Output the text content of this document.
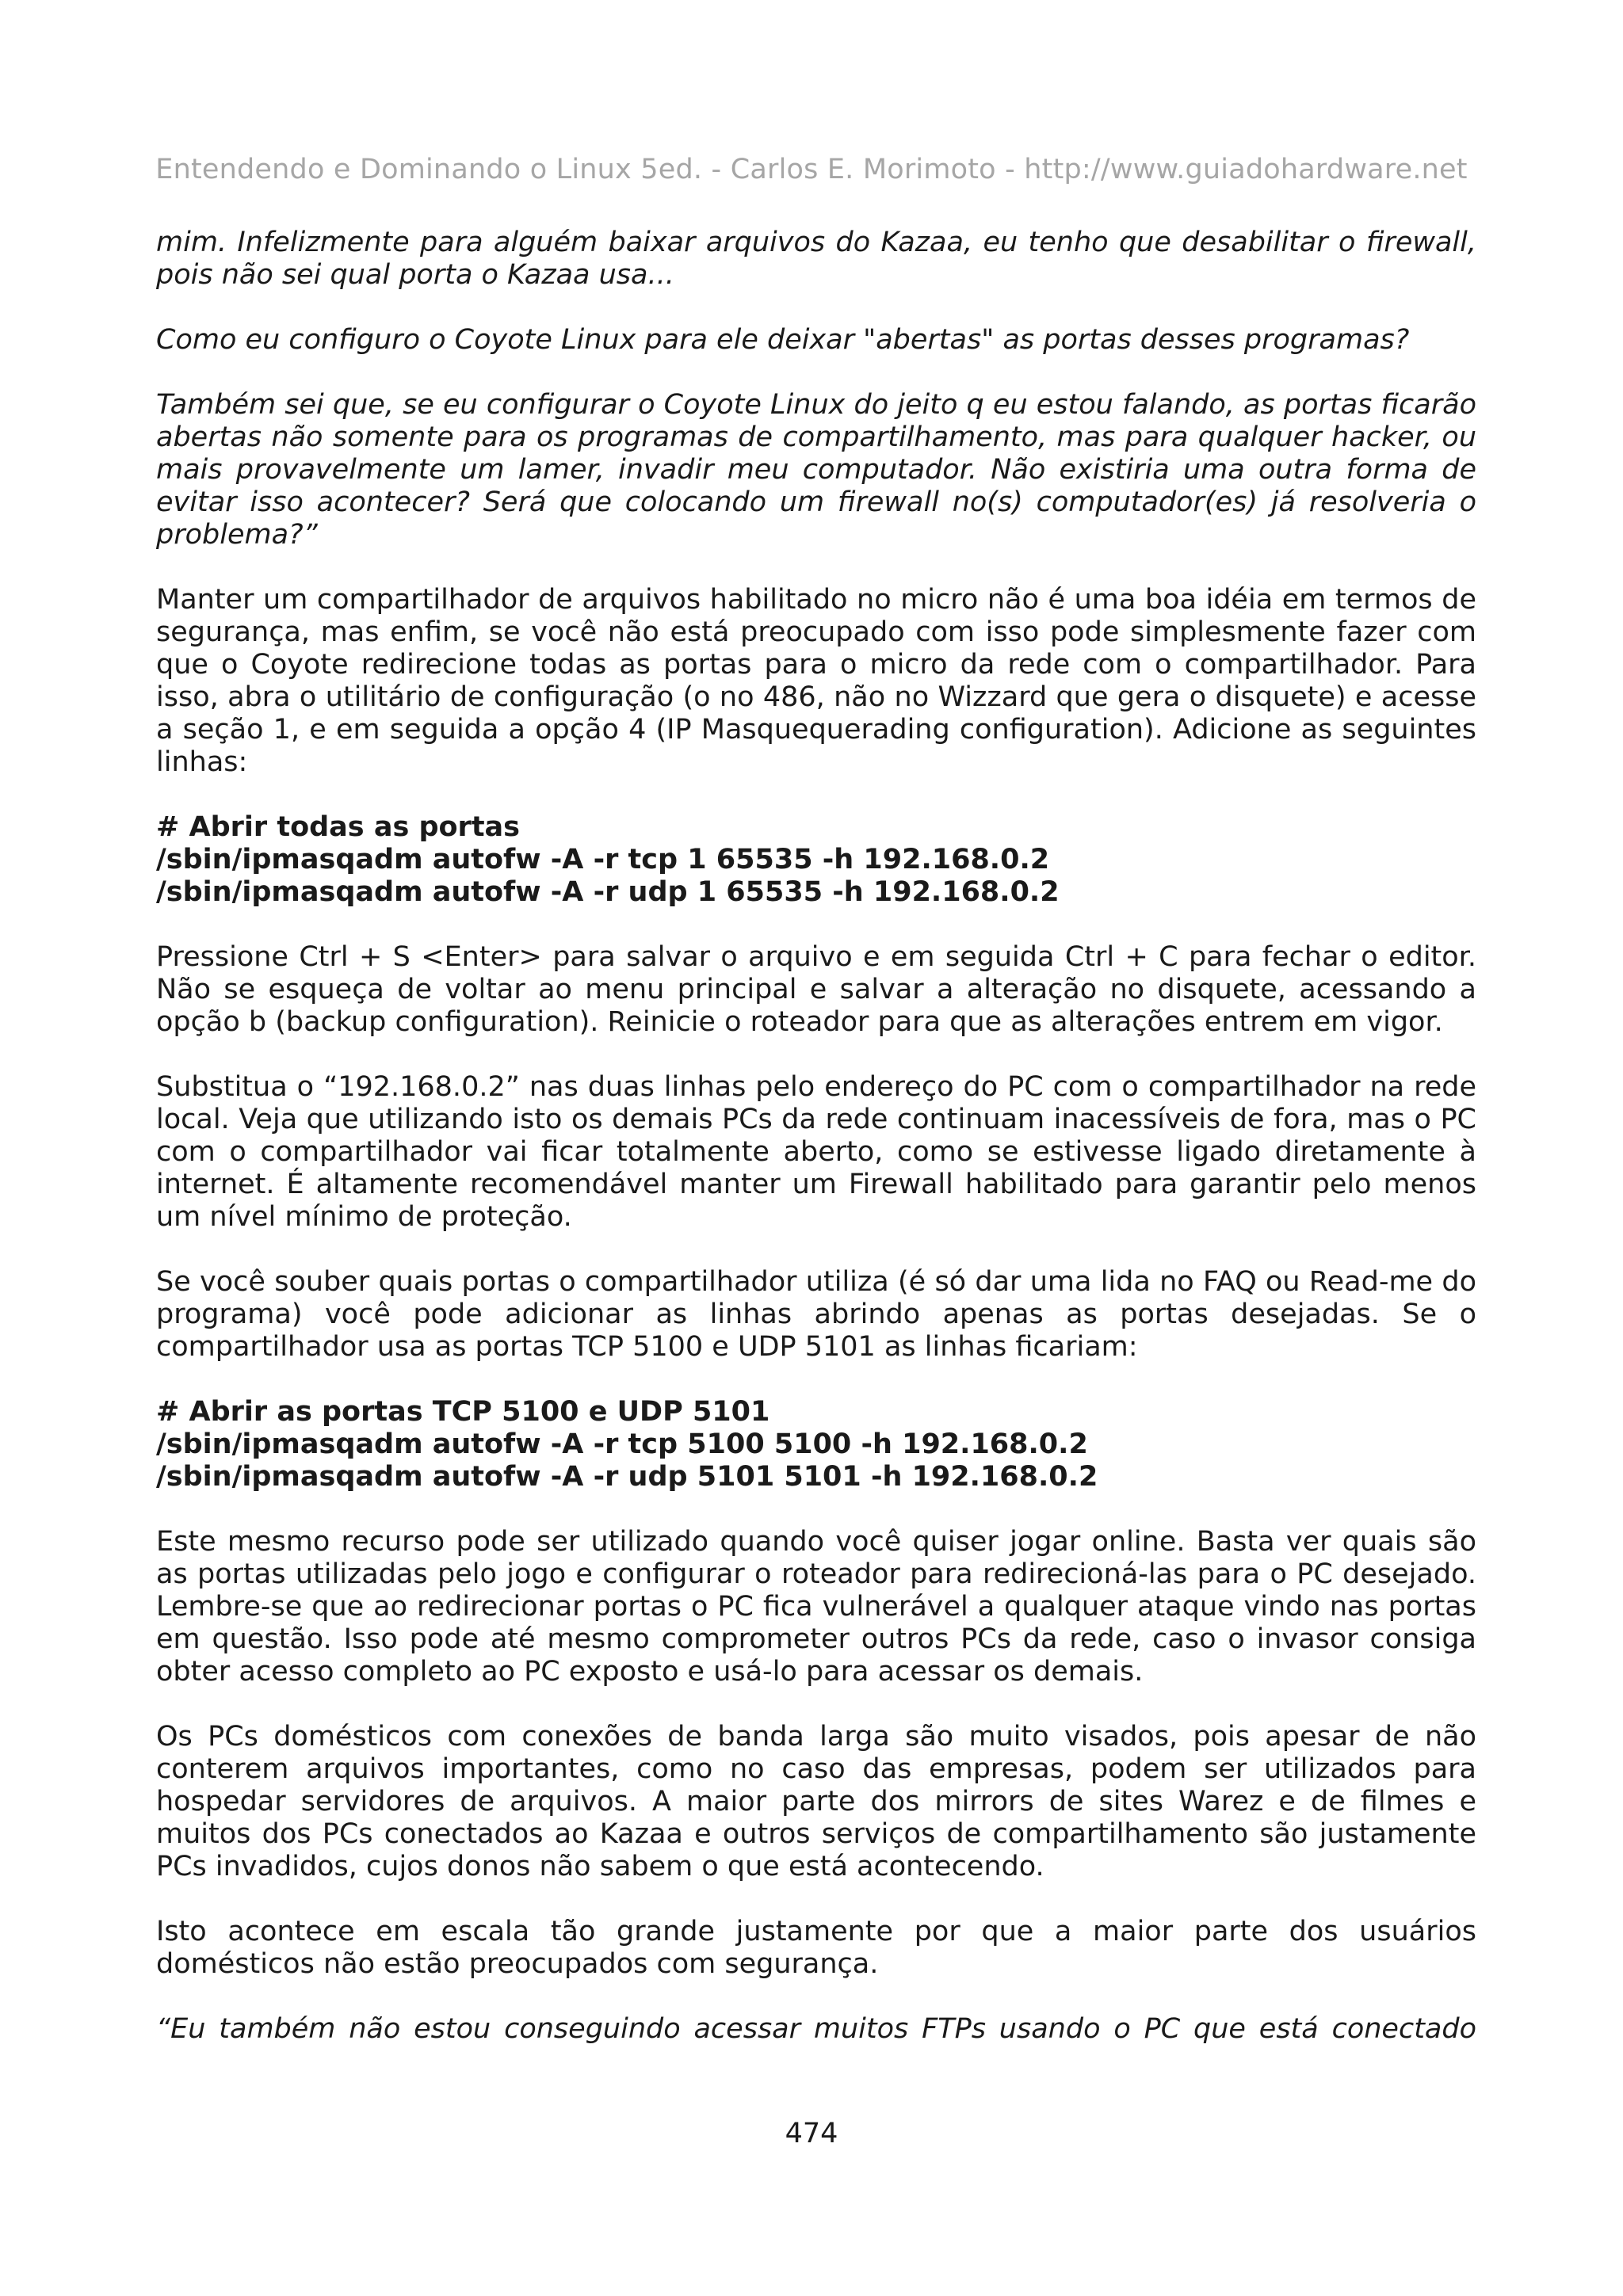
Entendendo e Dominando o Linux 5ed. - Carlos E. Morimoto - http://www.guiadohardware.net

mim. Infelizmente para alguém baixar arquivos do Kazaa, eu tenho que desabilitar o firewall, pois não sei qual porta o Kazaa usa...

Como eu configuro o Coyote Linux para ele deixar "abertas" as portas desses programas?

Também sei que, se eu configurar o Coyote Linux do jeito q eu estou falando, as portas ficarão abertas não somente para os programas de compartilhamento, mas para qualquer hacker, ou mais provavelmente um lamer, invadir meu computador. Não existiria uma outra forma de evitar isso acontecer? Será que colocando um firewall no(s) computador(es) já resolveria o problema?”

Manter um compartilhador de arquivos habilitado no micro não é uma boa idéia em termos de segurança, mas enfim, se você não está preocupado com isso pode simplesmente fazer com que o Coyote redirecione todas as portas para o micro da rede com o compartilhador. Para isso, abra o utilitário de configuração (o no 486, não no Wizzard que gera o disquete) e acesse a seção 1, e em seguida a opção 4 (IP Masquequerading configuration). Adicione as seguintes linhas:

# Abrir todas as portas
/sbin/ipmasqadm autofw -A -r tcp 1 65535 -h 192.168.0.2
/sbin/ipmasqadm autofw -A -r udp 1 65535 -h 192.168.0.2

Pressione Ctrl + S <Enter> para salvar o arquivo e em seguida Ctrl + C para fechar o editor. Não se esqueça de voltar ao menu principal e salvar a alteração no disquete, acessando a opção b (backup configuration). Reinicie o roteador para que as alterações entrem em vigor.

Substitua o “192.168.0.2” nas duas linhas pelo endereço do PC com o compartilhador na rede local. Veja que utilizando isto os demais PCs da rede continuam inacessíveis de fora, mas o PC com o compartilhador vai ficar totalmente aberto, como se estivesse ligado diretamente à internet. É altamente recomendável manter um Firewall habilitado para garantir pelo menos um nível mínimo de proteção.

Se você souber quais portas o compartilhador utiliza (é só dar uma lida no FAQ ou Read-me do programa) você pode adicionar as linhas abrindo apenas as portas desejadas. Se o compartilhador usa as portas TCP 5100 e UDP 5101 as linhas ficariam:

# Abrir as portas TCP 5100 e UDP 5101
/sbin/ipmasqadm autofw -A -r tcp 5100 5100 -h 192.168.0.2
/sbin/ipmasqadm autofw -A -r udp 5101 5101 -h 192.168.0.2

Este mesmo recurso pode ser utilizado quando você quiser jogar online. Basta ver quais são as portas utilizadas pelo jogo e configurar o roteador para redirecioná-las para o PC desejado. Lembre-se que ao redirecionar portas o PC fica vulnerável a qualquer ataque vindo nas portas em questão. Isso pode até mesmo comprometer outros PCs da rede, caso o invasor consiga obter acesso completo ao PC exposto e usá-lo para acessar os demais.

Os PCs domésticos com conexões de banda larga são muito visados, pois apesar de não conterem arquivos importantes, como no caso das empresas, podem ser utilizados para hospedar servidores de arquivos. A maior parte dos mirrors de sites Warez e de filmes e muitos dos PCs conectados ao Kazaa e outros serviços de compartilhamento são justamente PCs invadidos, cujos donos não sabem o que está acontecendo.

Isto acontece em escala tão grande justamente por que a maior parte dos usuários domésticos não estão preocupados com segurança.

“Eu também não estou conseguindo acessar muitos FTPs usando o PC que está conectado

474
